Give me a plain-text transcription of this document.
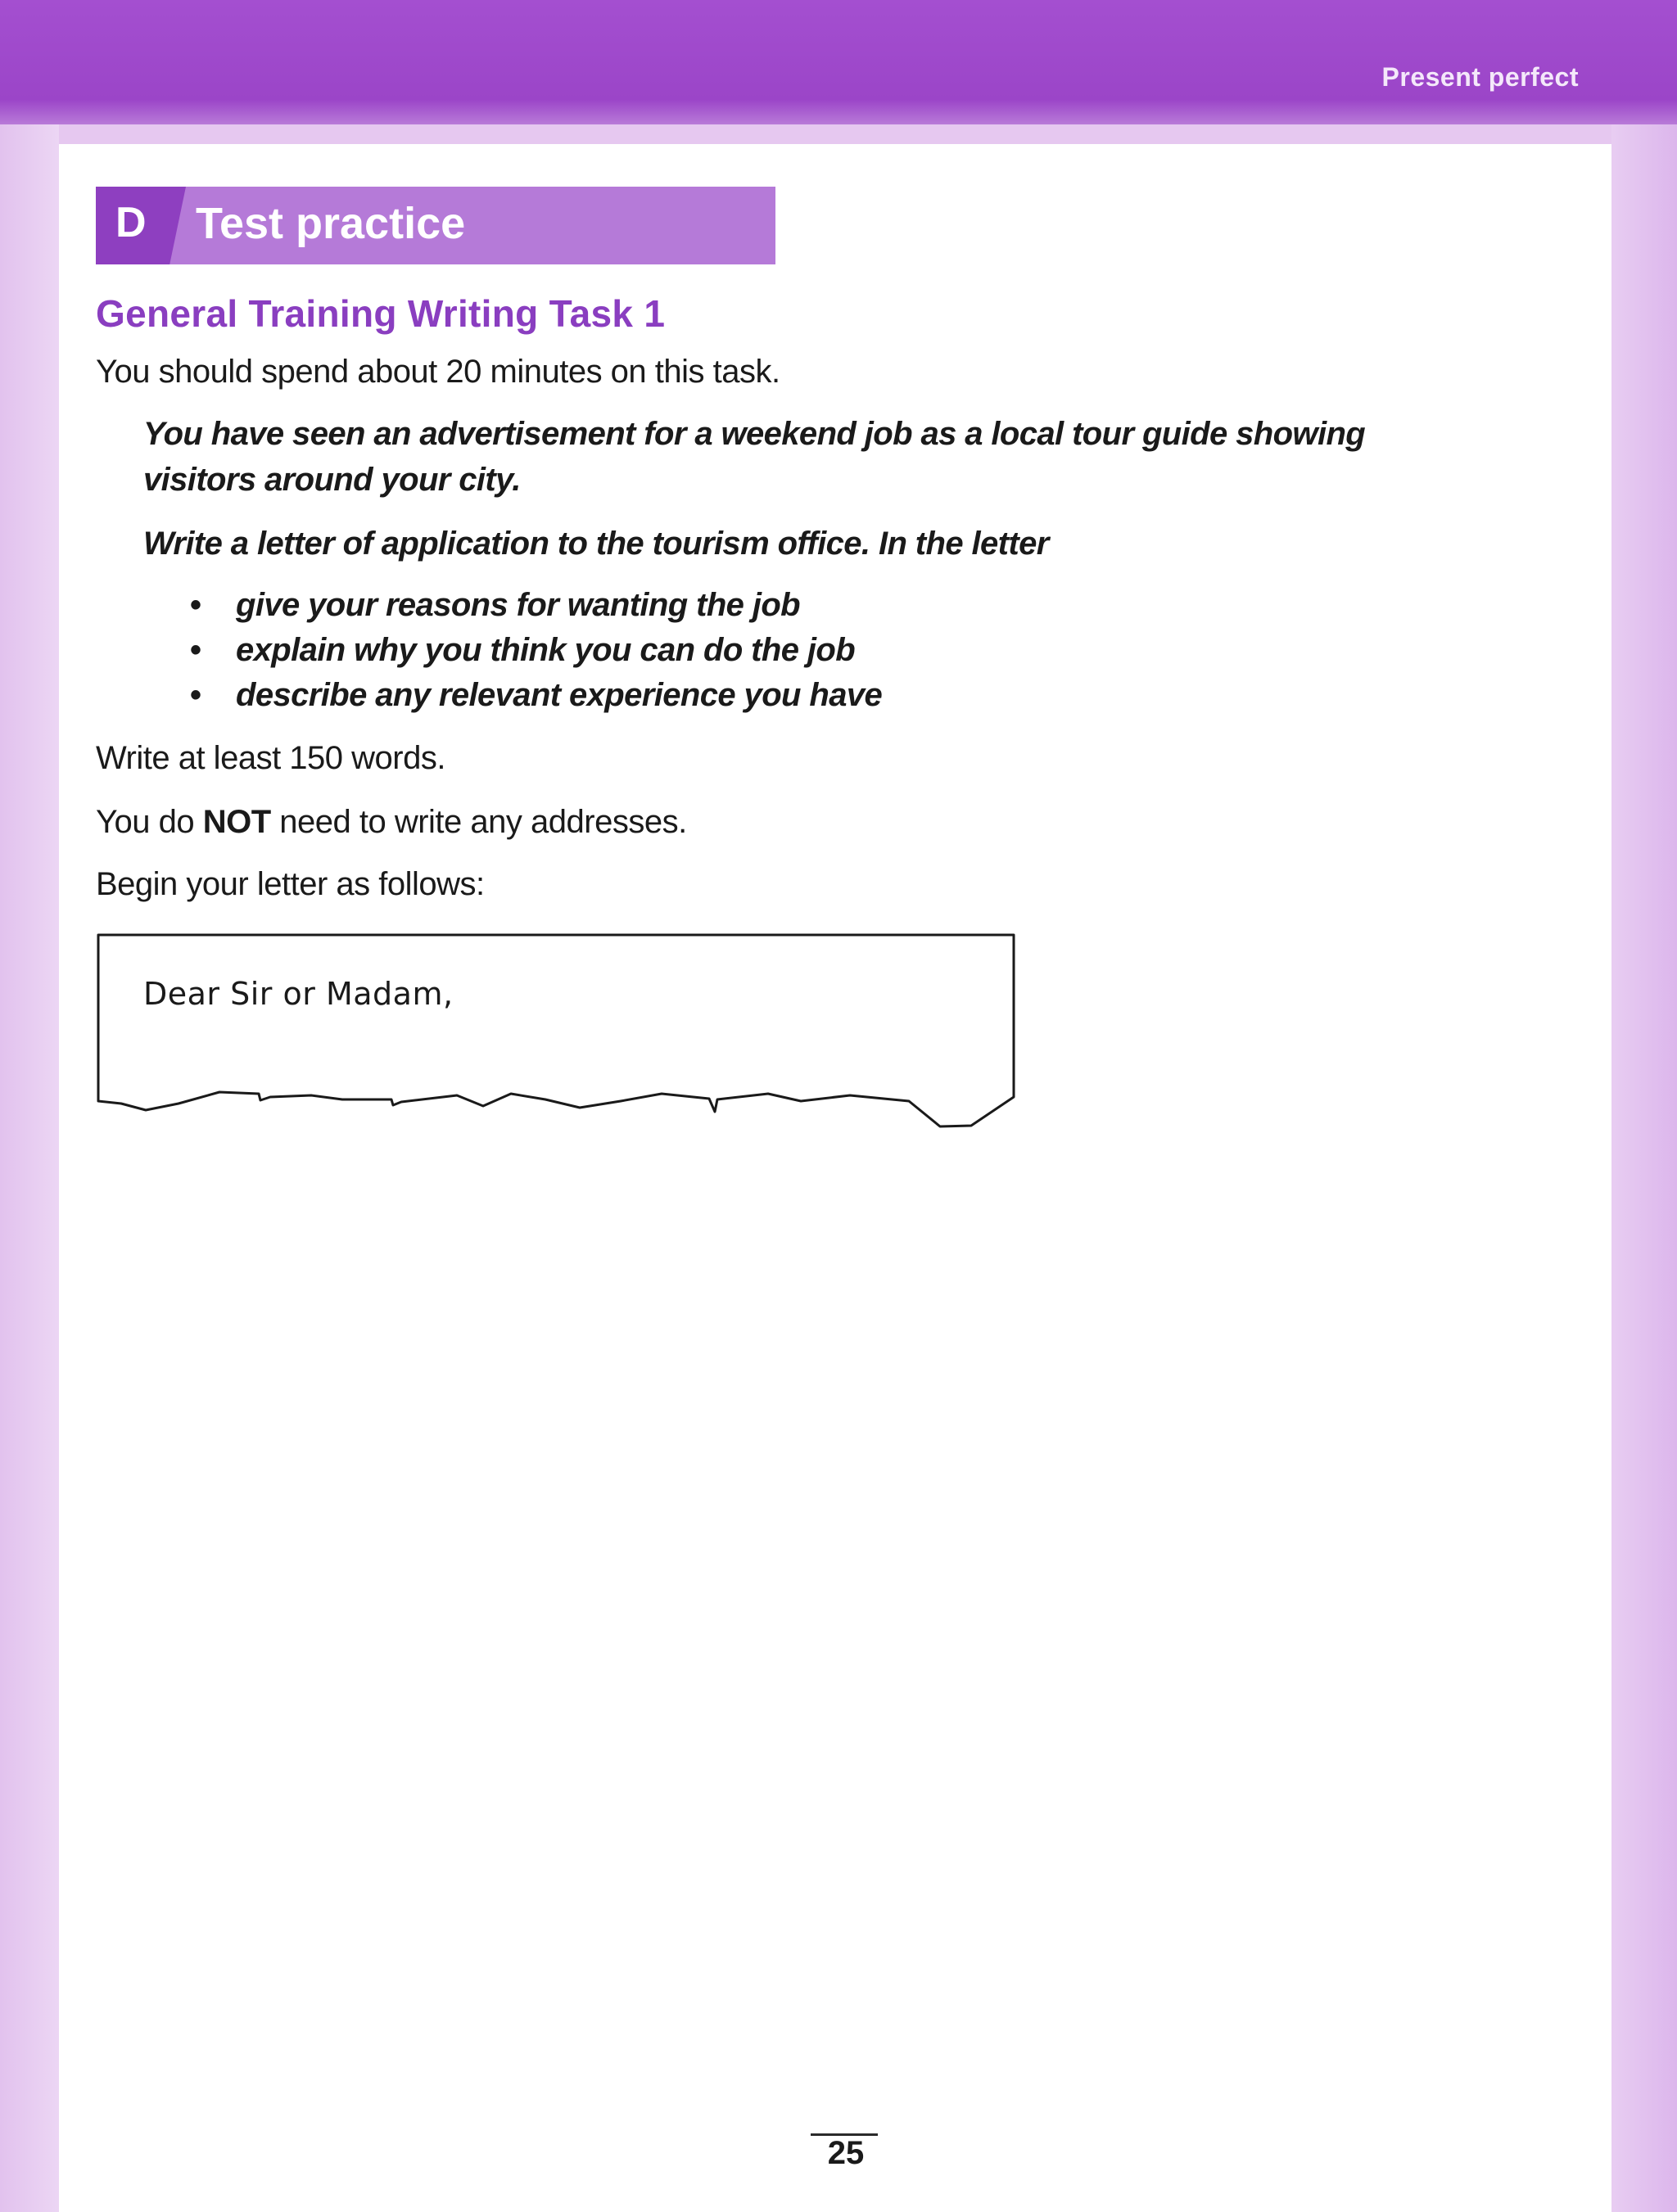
Present perfect
D Test practice
General Training Writing Task 1
You should spend about 20 minutes on this task.
You have seen an advertisement for a weekend job as a local tour guide showing visitors around your city.
Write a letter of application to the tourism office. In the letter
• give your reasons for wanting the job
• explain why you think you can do the job
• describe any relevant experience you have
Write at least 150 words.
You do NOT need to write any addresses.
Begin your letter as follows:
Dear Sir or Madam,
25
